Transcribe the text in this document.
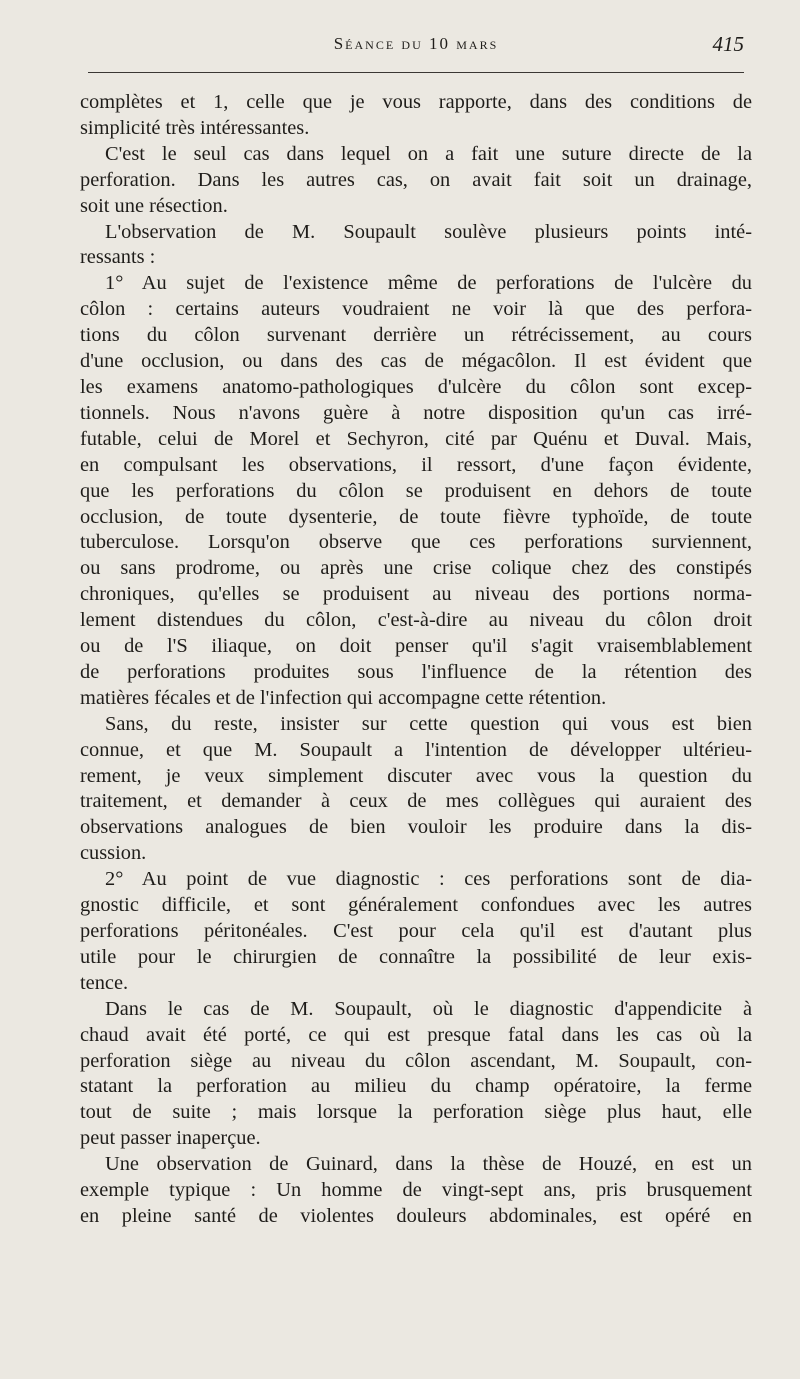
Séance du 10 mars	415

complètes et 1, celle que je vous rapporte, dans des conditions de

simplicité très intéressantes.

C'est le seul cas dans lequel on a fait une suture directe de la

perforation. Dans les autres cas, on avait fait soit un drainage,

soit une résection.

L'observation de M. Soupault soulève plusieurs points inté-

ressants :

1° Au sujet de l'existence même de perforations de l'ulcère du

côlon : certains auteurs voudraient ne voir là que des perfora-

tions du côlon survenant derrière un rétrécissement, au cours

d'une occlusion, ou dans des cas de mégacôlon. Il est évident que

les examens anatomo-pathologiques d'ulcère du côlon sont excep-

tionnels. Nous n'avons guère à notre disposition qu'un cas irré-

futable, celui de Morel et Sechyron, cité par Quénu et Duval. Mais,

en compulsant les observations, il ressort, d'une façon évidente,

que les perforations du côlon se produisent en dehors de toute

occlusion, de toute dysenterie, de toute fièvre typhoïde, de toute

tuberculose. Lorsqu'on observe que ces perforations surviennent,

ou sans prodrome, ou après une crise colique chez des constipés

chroniques, qu'elles se produisent au niveau des portions norma-

lement distendues du côlon, c'est-à-dire au niveau du côlon droit

ou de l'S iliaque, on doit penser qu'il s'agit vraisemblablement

de perforations produites sous l'influence de la rétention des

matières fécales et de l'infection qui accompagne cette rétention.

Sans, du reste, insister sur cette question qui vous est bien

connue, et que M. Soupault a l'intention de développer ultérieu-

rement, je veux simplement discuter avec vous la question du

traitement, et demander à ceux de mes collègues qui auraient des

observations analogues de bien vouloir les produire dans la dis-

cussion.

2° Au point de vue diagnostic : ces perforations sont de dia-

gnostic difficile, et sont généralement confondues avec les autres

perforations péritonéales. C'est pour cela qu'il est d'autant plus

utile pour le chirurgien de connaître la possibilité de leur exis-

tence.

Dans le cas de M. Soupault, où le diagnostic d'appendicite à

chaud avait été porté, ce qui est presque fatal dans les cas où la

perforation siège au niveau du côlon ascendant, M. Soupault, con-

statant la perforation au milieu du champ opératoire, la ferme

tout de suite ; mais lorsque la perforation siège plus haut, elle

peut passer inaperçue.

Une observation de Guinard, dans la thèse de Houzé, en est un

exemple typique : Un homme de vingt-sept ans, pris brusquement

en pleine santé de violentes douleurs abdominales, est opéré en
